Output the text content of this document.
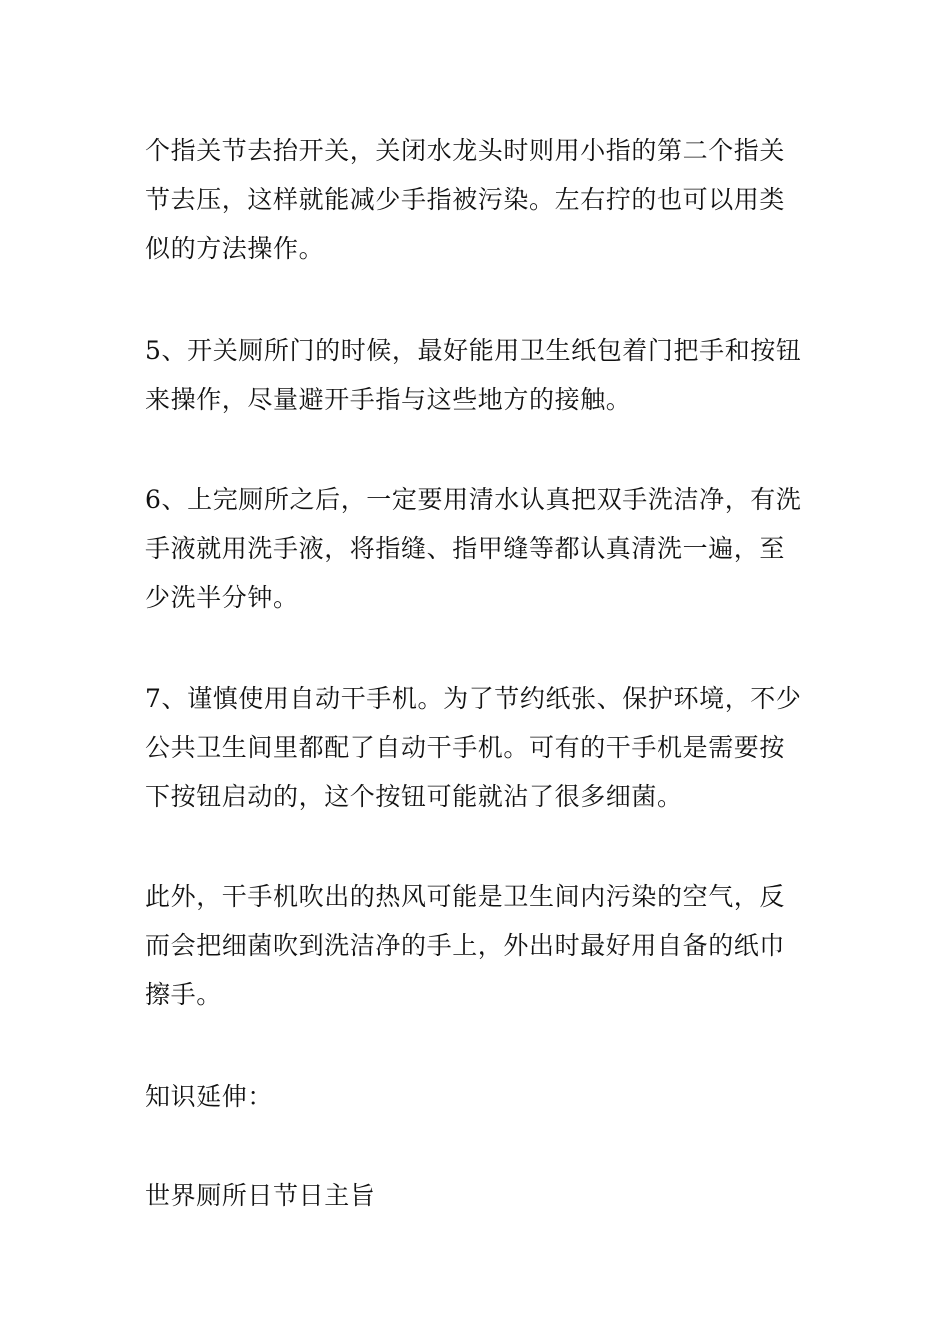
个指关节去抬开关，关闭水龙头时则用小指的第二个指关
节去压，这样就能减少手指被污染。左右拧的也可以用类
似的方法操作。

5、开关厕所门的时候，最好能用卫生纸包着门把手和按钮
来操作，尽量避开手指与这些地方的接触。

6、上完厕所之后，一定要用清水认真把双手洗洁净，有洗
手液就用洗手液，将指缝、指甲缝等都认真清洗一遍，至
少洗半分钟。

7、谨慎使用自动干手机。为了节约纸张、保护环境，不少
公共卫生间里都配了自动干手机。可有的干手机是需要按
下按钮启动的，这个按钮可能就沾了很多细菌。

此外，干手机吹出的热风可能是卫生间内污染的空气，反
而会把细菌吹到洗洁净的手上，外出时最好用自备的纸巾
擦手。

知识延伸：

世界厕所日节日主旨
